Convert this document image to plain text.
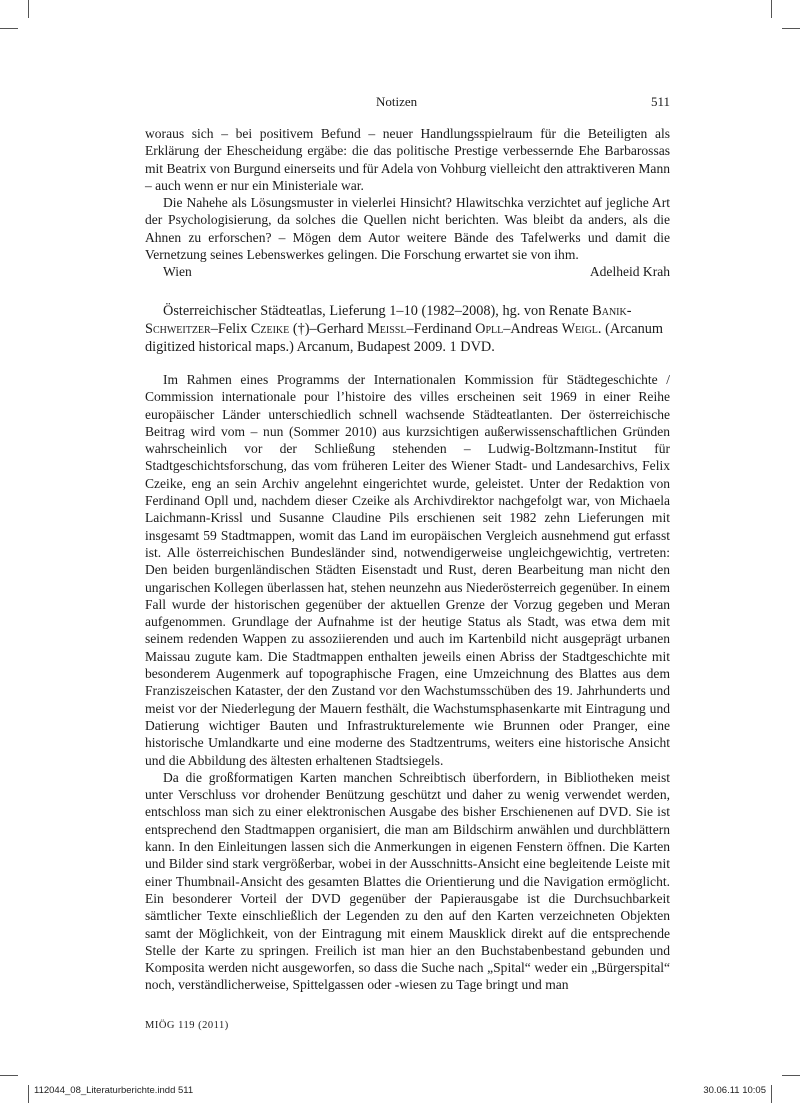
Notizen	511

woraus sich – bei positivem Befund – neuer Handlungsspielraum für die Beteiligten als Erklärung der Ehescheidung ergäbe: die das politische Prestige verbessernde Ehe Barbarossas mit Beatrix von Burgund einerseits und für Adela von Vohburg vielleicht den attraktiveren Mann – auch wenn er nur ein Ministeriale war.

Die Nahehe als Lösungsmuster in vielerlei Hinsicht? Hlawitschka verzichtet auf jegliche Art der Psychologisierung, da solches die Quellen nicht berichten. Was bleibt da anders, als die Ahnen zu erforschen? – Mögen dem Autor weitere Bände des Tafelwerks und damit die Vernetzung seines Lebenswerkes gelingen. Die Forschung erwartet sie von ihm.

Wien	Adelheid Krah

Österreichischer Städteatlas, Lieferung 1–10 (1982–2008), hg. von Renate Banik-Schweitzer–Felix Czeike (†)–Gerhard Meissl–Ferdinand Opll–Andreas Weigl. (Arcanum digitized historical maps.) Arcanum, Budapest 2009. 1 DVD.

Im Rahmen eines Programms der Internationalen Kommission für Städtegeschichte / Commission internationale pour l’histoire des villes erscheinen seit 1969 in einer Reihe europäischer Länder unterschiedlich schnell wachsende Städteatlanten. Der österreichische Beitrag wird vom – nun (Sommer 2010) aus kurzsichtigen außerwissenschaftlichen Gründen wahrscheinlich vor der Schließung stehenden – Ludwig-Boltzmann-Institut für Stadtgeschichtsforschung, das vom früheren Leiter des Wiener Stadt- und Landesarchivs, Felix Czeike, eng an sein Archiv angelehnt eingerichtet wurde, geleistet. Unter der Redaktion von Ferdinand Opll und, nachdem dieser Czeike als Archivdirektor nachgefolgt war, von Michaela Laichmann-Krissl und Susanne Claudine Pils erschienen seit 1982 zehn Lieferungen mit insgesamt 59 Stadtmappen, womit das Land im europäischen Vergleich ausnehmend gut erfasst ist. Alle österreichischen Bundesländer sind, notwendigerweise ungleichgewichtig, vertreten: Den beiden burgenländischen Städten Eisenstadt und Rust, deren Bearbeitung man nicht den ungarischen Kollegen überlassen hat, stehen neunzehn aus Niederösterreich gegenüber. In einem Fall wurde der historischen gegenüber der aktuellen Grenze der Vorzug gegeben und Meran aufgenommen. Grundlage der Aufnahme ist der heutige Status als Stadt, was etwa dem mit seinem redenden Wappen zu assoziierenden und auch im Kartenbild nicht ausgeprägt urbanen Maissau zugute kam. Die Stadtmappen enthalten jeweils einen Abriss der Stadtgeschichte mit besonderem Augenmerk auf topographische Fragen, eine Umzeichnung des Blattes aus dem Franziszeischen Kataster, der den Zustand vor den Wachstumsschüben des 19. Jahrhunderts und meist vor der Niederlegung der Mauern festhält, die Wachstumsphasenkarte mit Eintragung und Datierung wichtiger Bauten und Infrastrukturelemente wie Brunnen oder Pranger, eine historische Umlandkarte und eine moderne des Stadtzentrums, weiters eine historische Ansicht und die Abbildung des ältesten erhaltenen Stadtsiegels.

Da die großformatigen Karten manchen Schreibtisch überfordern, in Bibliotheken meist unter Verschluss vor drohender Benützung geschützt und daher zu wenig verwendet werden, entschloss man sich zu einer elektronischen Ausgabe des bisher Erschienenen auf DVD. Sie ist entsprechend den Stadtmappen organisiert, die man am Bildschirm anwählen und durchblättern kann. In den Einleitungen lassen sich die Anmerkungen in eigenen Fenstern öffnen. Die Karten und Bilder sind stark vergrößerbar, wobei in der Ausschnitts-Ansicht eine begleitende Leiste mit einer Thumbnail-Ansicht des gesamten Blattes die Orientierung und die Navigation ermöglicht. Ein besonderer Vorteil der DVD gegenüber der Papierausgabe ist die Durchsuchbarkeit sämtlicher Texte einschließlich der Legenden zu den auf den Karten verzeichneten Objekten samt der Möglichkeit, von der Eintragung mit einem Mausklick direkt auf die entsprechende Stelle der Karte zu springen. Freilich ist man hier an den Buchstabenbestand gebunden und Komposita werden nicht ausgeworfen, so dass die Suche nach „Spital“ weder ein „Bürgerspital“ noch, verständlicherweise, Spittelgassen oder -wiesen zu Tage bringt und man

MIÖG 119 (2011)
112044_08_Literaturberichte.indd 511	30.06.11 10:05
